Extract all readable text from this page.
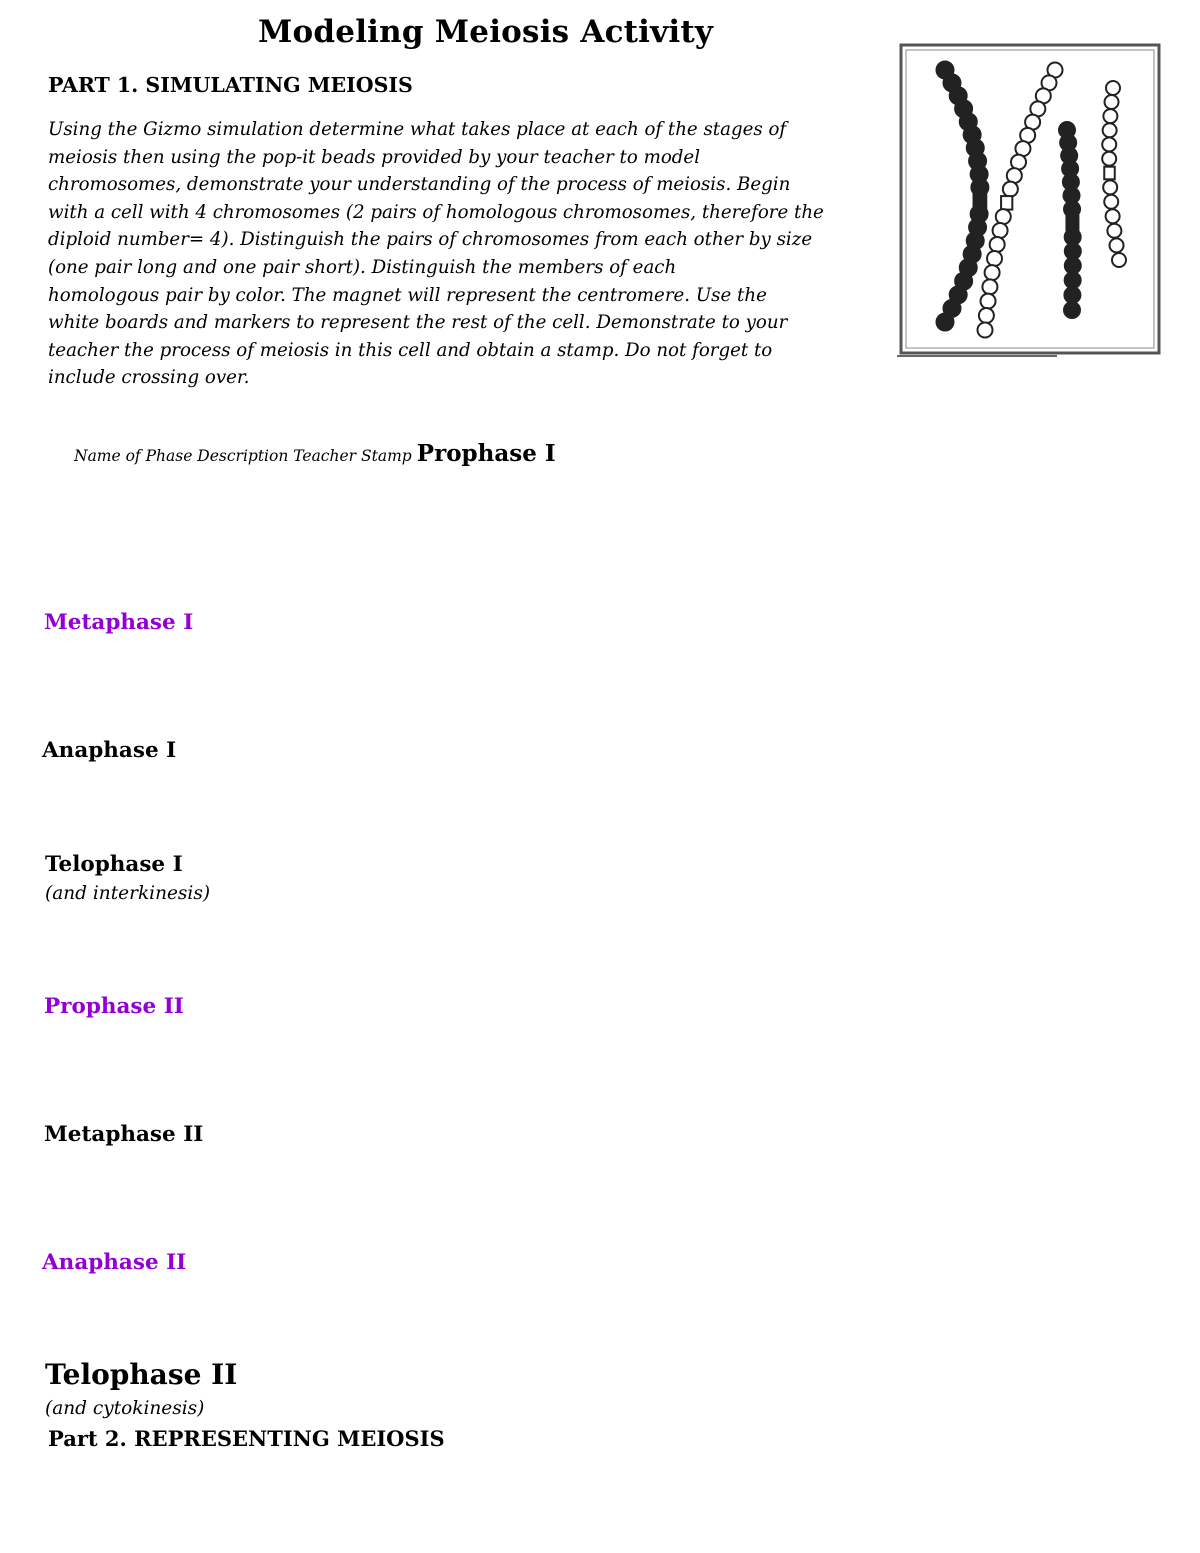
Modeling Meiosis Activity
PART 1. SIMULATING MEIOSIS
Using the Gizmo simulation determine what takes place at each of the stages of
meiosis then using the pop-it beads provided by your teacher to model
chromosomes, demonstrate your understanding of the process of meiosis. Begin
with a cell with 4 chromosomes (2 pairs of homologous chromosomes, therefore the
diploid number= 4). Distinguish the pairs of chromosomes from each other by size
(one pair long and one pair short). Distinguish the members of each
homologous pair by color. The magnet will represent the centromere. Use the
white boards and markers to represent the rest of the cell. Demonstrate to your
teacher the process of meiosis in this cell and obtain a stamp. Do not forget to
include crossing over.
Name of Phase Description Teacher Stamp Prophase I
Metaphase I
Anaphase I
Telophase I
(and interkinesis)
Prophase II
Metaphase II
Anaphase II
Telophase II
(and cytokinesis)
Part 2. REPRESENTING MEIOSIS
